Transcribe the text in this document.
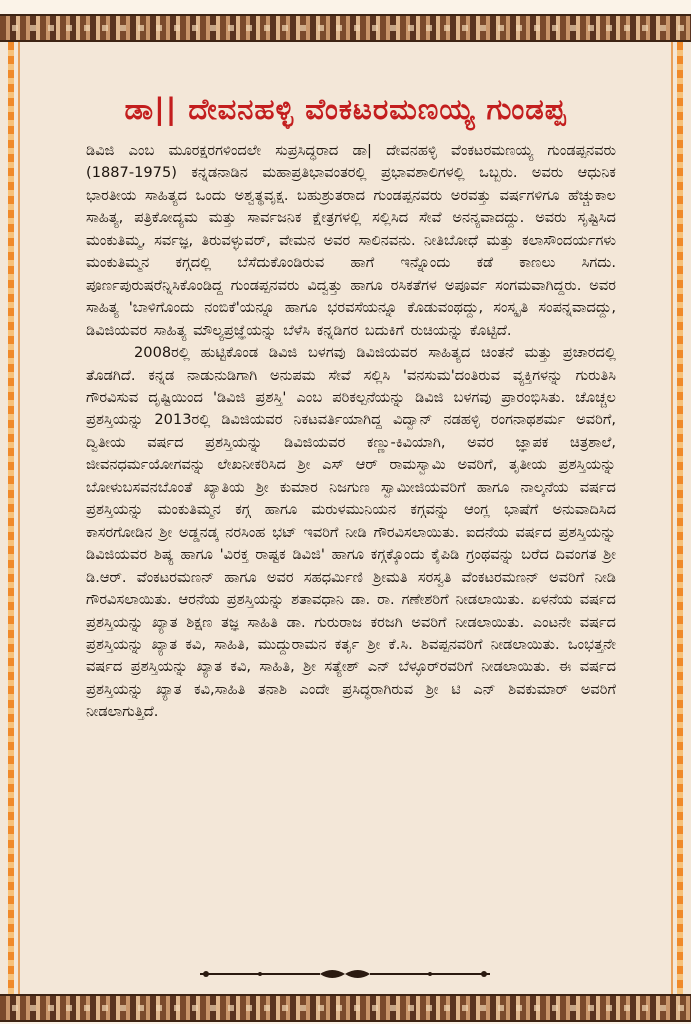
ಡಾ|| ದೇವನಹಳ್ಳಿ ವೆಂಕಟರಮಣಯ್ಯ ಗುಂಡಪ್ಪ

ಡಿವಿಜಿ ಎಂಬ ಮೂರಕ್ಷರಗಳಿಂದಲೇ ಸುಪ್ರಸಿದ್ಧರಾದ ಡಾ| ದೇವನಹಳ್ಳಿ ವೆಂಕಟರಮಣಯ್ಯ ಗುಂಡಪ್ಪನವರು (1887-1975) ಕನ್ನಡನಾಡಿನ ಮಹಾಪ್ರತಿಭಾವಂತರಲ್ಲಿ ಪ್ರಭಾವಶಾಲಿಗಳಲ್ಲಿ ಒಬ್ಬರು. ಅವರು ಆಧುನಿಕ ಭಾರತೀಯ ಸಾಹಿತ್ಯದ ಒಂದು ಅಶ್ವತ್ಥವೃಕ್ಷ. ಬಹುಶ್ರುತರಾದ ಗುಂಡಪ್ಪನವರು ಅರವತ್ತು ವರ್ಷಗಳಿಗೂ ಹೆಚ್ಚುಕಾಲ ಸಾಹಿತ್ಯ, ಪತ್ರಿಕೋದ್ಯಮ ಮತ್ತು ಸಾರ್ವಜನಿಕ ಕ್ಷೇತ್ರಗಳಲ್ಲಿ ಸಲ್ಲಿಸಿದ ಸೇವೆ ಅನನ್ಯವಾದದ್ದು. ಅವರು ಸೃಷ್ಟಿಸಿದ ಮಂಕುತಿಮ್ಮ, ಸರ್ವಜ್ಞ, ತಿರುವಳ್ಳುವರ್, ವೇಮನ ಅವರ ಸಾಲಿನವನು. ನೀತಿಬೋಧೆ ಮತ್ತು ಕಲಾಸೌಂದರ್ಯಗಳು ಮಂಕುತಿಮ್ಮನ ಕಗ್ಗದಲ್ಲಿ ಬೆಸೆದುಕೊಂಡಿರುವ ಹಾಗೆ ಇನ್ನೊಂದು ಕಡೆ ಕಾಣಲು ಸಿಗದು. ಪೂರ್ಣಪುರುಷರೆನ್ನಿಸಿಕೊಂಡಿದ್ದ ಗುಂಡಪ್ಪನವರು ವಿದ್ವತ್ತು ಹಾಗೂ ರಸಿಕತೆಗಳ ಅಪೂರ್ವ ಸಂಗಮವಾಗಿದ್ದರು. ಅವರ ಸಾಹಿತ್ಯ 'ಬಾಳಿಗೊಂದು ನಂಬಿಕೆ'ಯನ್ನೂ ಹಾಗೂ ಭರವಸೆಯನ್ನೂ ಕೊಡುವಂಥದ್ದು, ಸಂಸ್ಕೃತಿ ಸಂಪನ್ನವಾದದ್ದು, ಡಿವಿಜಿಯವರ ಸಾಹಿತ್ಯ ಮೌಲ್ಯಪ್ರಜ್ಞೆಯನ್ನು ಬೆಳೆಸಿ ಕನ್ನಡಿಗರ ಬದುಕಿಗೆ ರುಚಿಯನ್ನು ಕೊಟ್ಟಿದೆ.

2008ರಲ್ಲಿ ಹುಟ್ಟಿಕೊಂಡ ಡಿವಿಜಿ ಬಳಗವು ಡಿವಿಜಿಯವರ ಸಾಹಿತ್ಯದ ಚಿಂತನೆ ಮತ್ತು ಪ್ರಚಾರದಲ್ಲಿ ತೊಡಗಿದೆ. ಕನ್ನಡ ನಾಡುನುಡಿಗಾಗಿ ಅನುಪಮ ಸೇವೆ ಸಲ್ಲಿಸಿ 'ವನಸುಮ'ದಂತಿರುವ ವ್ಯಕ್ತಿಗಳನ್ನು ಗುರುತಿಸಿ ಗೌರವಿಸುವ ದೃಷ್ಟಿಯಿಂದ 'ಡಿವಿಜಿ ಪ್ರಶಸ್ತಿ' ಎಂಬ ಪರಿಕಲ್ಪನೆಯನ್ನು ಡಿವಿಜಿ ಬಳಗವು ಪ್ರಾರಂಭಿಸಿತು. ಚೊಚ್ಚಲ ಪ್ರಶಸ್ತಿಯನ್ನು 2013ರಲ್ಲಿ ಡಿವಿಜಿಯವರ ನಿಕಟವರ್ತಿಯಾಗಿದ್ದ ವಿದ್ವಾನ್ ನಡಹಳ್ಳಿ ರಂಗನಾಥಶರ್ಮ ಅವರಿಗೆ, ದ್ವಿತೀಯ ವರ್ಷದ ಪ್ರಶಸ್ತಿಯನ್ನು ಡಿವಿಜಿಯವರ ಕಣ್ಣು-ಕಿವಿಯಾಗಿ, ಅವರ ಜ್ಞಾಪಕ ಚಿತ್ರಶಾಲೆ, ಜೀವನಧರ್ಮಯೋಗವನ್ನು ಲೇಖನೀಕರಿಸಿದ ಶ್ರೀ ಎಸ್ ಆರ್ ರಾಮಸ್ವಾಮಿ ಅವರಿಗೆ, ತೃತೀಯ ಪ್ರಶಸ್ತಿಯನ್ನು ಬೋಳುಬಸವನಬೊಂತೆ ಖ್ಯಾತಿಯ ಶ್ರೀ ಕುಮಾರ ನಿಜಗುಣ ಸ್ವಾಮೀಜಿಯವರಿಗೆ ಹಾಗೂ ನಾಲ್ಕನೆಯ ವರ್ಷದ ಪ್ರಶಸ್ತಿಯನ್ನು ಮಂಕುತಿಮ್ಮನ ಕಗ್ಗ ಹಾಗೂ ಮರುಳಮುನಿಯನ ಕಗ್ಗವನ್ನು ಆಂಗ್ಲ ಭಾಷೆಗೆ ಅನುವಾದಿಸಿದ ಕಾಸರಗೋಡಿನ ಶ್ರೀ ಅಡ್ಡನಡ್ಕ ನರಸಿಂಹ ಭಟ್ ಇವರಿಗೆ ನೀಡಿ ಗೌರವಿಸಲಾಯಿತು. ಐದನೆಯ ವರ್ಷದ ಪ್ರಶಸ್ತಿಯನ್ನು ಡಿವಿಜಿಯವರ ಶಿಷ್ಯ ಹಾಗೂ 'ವಿರಕ್ತ ರಾಷ್ಟಕ ಡಿವಿಜಿ' ಹಾಗೂ ಕಗ್ಗಕ್ಕೊಂದು ಕೈಪಿಡಿ ಗ್ರಂಥವನ್ನು ಬರೆದ ದಿವಂಗತ ಶ್ರೀ ಡಿ.ಆರ್. ವೆಂಕಟರಮಣನ್ ಹಾಗೂ ಅವರ ಸಹಧರ್ಮಿಣಿ ಶ್ರೀಮತಿ ಸರಸ್ವತಿ ವೆಂಕಟರಮಣನ್ ಅವರಿಗೆ ನೀಡಿ ಗೌರವಿಸಲಾಯಿತು. ಆರನೆಯ ಪ್ರಶಸ್ತಿಯನ್ನು ಶತಾವಧಾನಿ ಡಾ. ರಾ. ಗಣೇಶರಿಗೆ ನೀಡಲಾಯಿತು. ಏಳನೆಯ ವರ್ಷದ ಪ್ರಶಸ್ತಿಯನ್ನು ಖ್ಯಾತ ಶಿಕ್ಷಣ ತಜ್ಞ ಸಾಹಿತಿ ಡಾ. ಗುರುರಾಜ ಕರಜಗಿ ಅವರಿಗೆ ನೀಡಲಾಯಿತು. ಎಂಟನೇ ವರ್ಷದ ಪ್ರಶಸ್ತಿಯನ್ನು ಖ್ಯಾತ ಕವಿ, ಸಾಹಿತಿ, ಮುದ್ದುರಾಮನ ಕರ್ತೃ ಶ್ರೀ ಕೆ.ಸಿ. ಶಿವಪ್ಪನವರಿಗೆ ನೀಡಲಾಯಿತು. ಒಂಭತ್ತನೇ ವರ್ಷದ ಪ್ರಶಸ್ತಿಯನ್ನು ಖ್ಯಾತ ಕವಿ, ಸಾಹಿತಿ, ಶ್ರೀ ಸತ್ಯೇಶ್ ಎನ್ ಬೆಳ್ಳೂರ್‌ರವರಿಗೆ ನೀಡಲಾಯಿತು. ಈ ವರ್ಷದ ಪ್ರಶಸ್ತಿಯನ್ನು ಖ್ಯಾತ ಕವಿ,ಸಾಹಿತಿ ತನಾಶಿ ಎಂದೇ ಪ್ರಸಿದ್ಧರಾಗಿರುವ ಶ್ರೀ ಟಿ ಎನ್ ಶಿವಕುಮಾರ್ ಅವರಿಗೆ ನೀಡಲಾಗುತ್ತಿದೆ.
